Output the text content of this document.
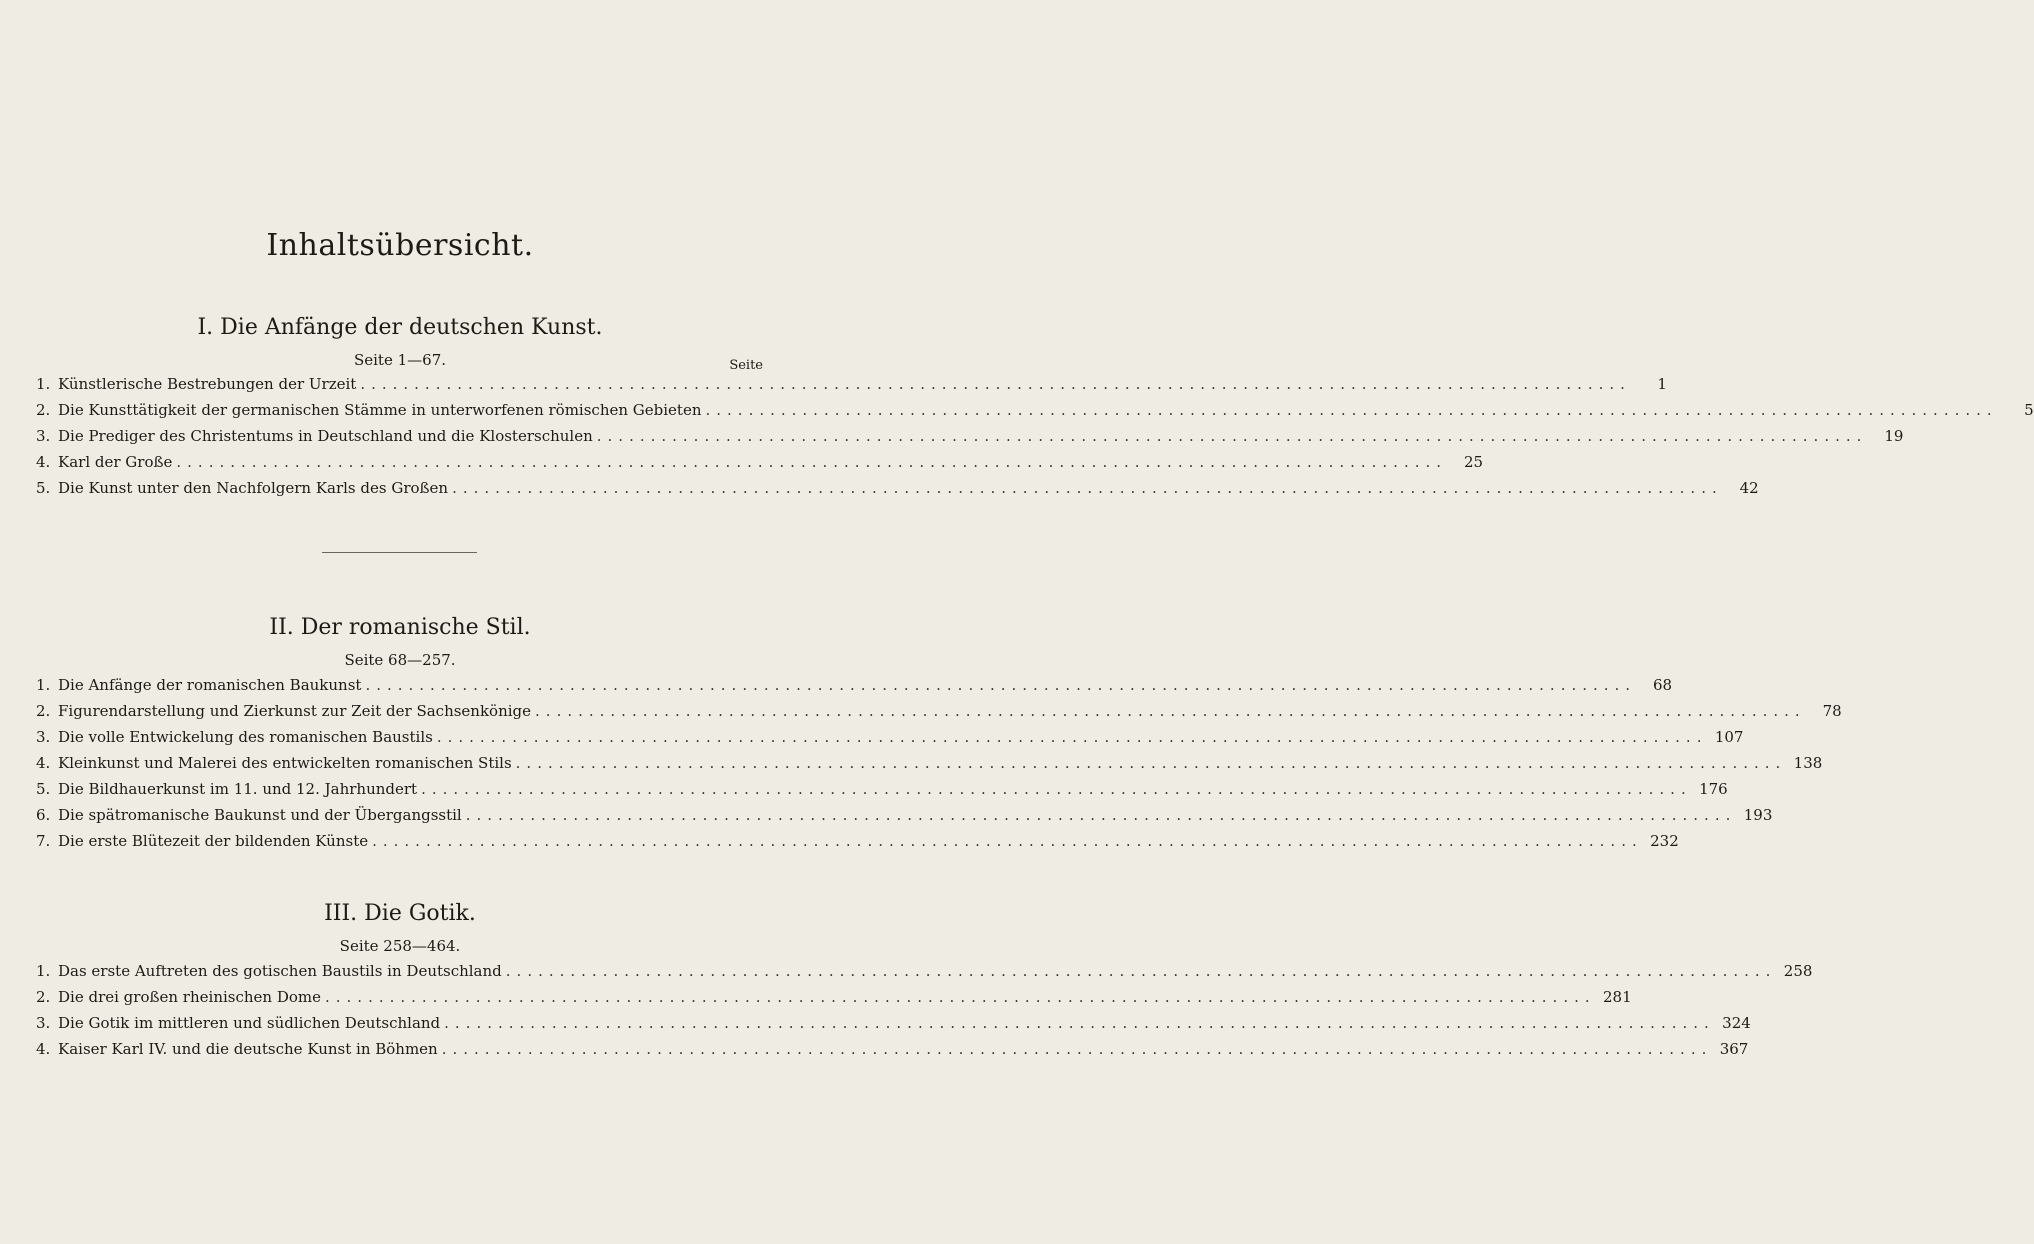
Inhaltsübersicht.
I. Die Anfänge der deutschen Kunst.
Seite 1—67.	Seite
1. Künstlerische Bestrebungen der Urzeit ......................................................................................................................	1
2. Die Kunsttätigkeit der germanischen Stämme in unterworfenen römischen Gebieten ........................................................................................................................	5
3. Die Prediger des Christentums in Deutschland und die Klosterschulen ......................................................................................................................	19
4. Karl der Große ......................................................................................................................	25
5. Die Kunst unter den Nachfolgern Karls des Großen ......................................................................................................................	42
II. Der romanische Stil.
Seite 68—257.
1. Die Anfänge der romanischen Baukunst ......................................................................................................................	68
2. Figurendarstellung und Zierkunst zur Zeit der Sachsenkönige ......................................................................................................................	78
3. Die volle Entwickelung des romanischen Baustils ...................................................................................................................... 107
4. Kleinkunst und Malerei des entwickelten romanischen Stils ...................................................................................................................... 138
5. Die Bildhauerkunst im 11. und 12. Jahrhundert ...................................................................................................................... 176
6. Die spätromanische Baukunst und der Übergangsstil ...................................................................................................................... 193
7. Die erste Blütezeit der bildenden Künste ...................................................................................................................... 232
III. Die Gotik.
Seite 258—464.
1. Das erste Auftreten des gotischen Baustils in Deutschland ...................................................................................................................... 258
2. Die drei großen rheinischen Dome ...................................................................................................................... 281
3. Die Gotik im mittleren und südlichen Deutschland ...................................................................................................................... 324
4. Kaiser Karl IV. und die deutsche Kunst in Böhmen ...................................................................................................................... 367
